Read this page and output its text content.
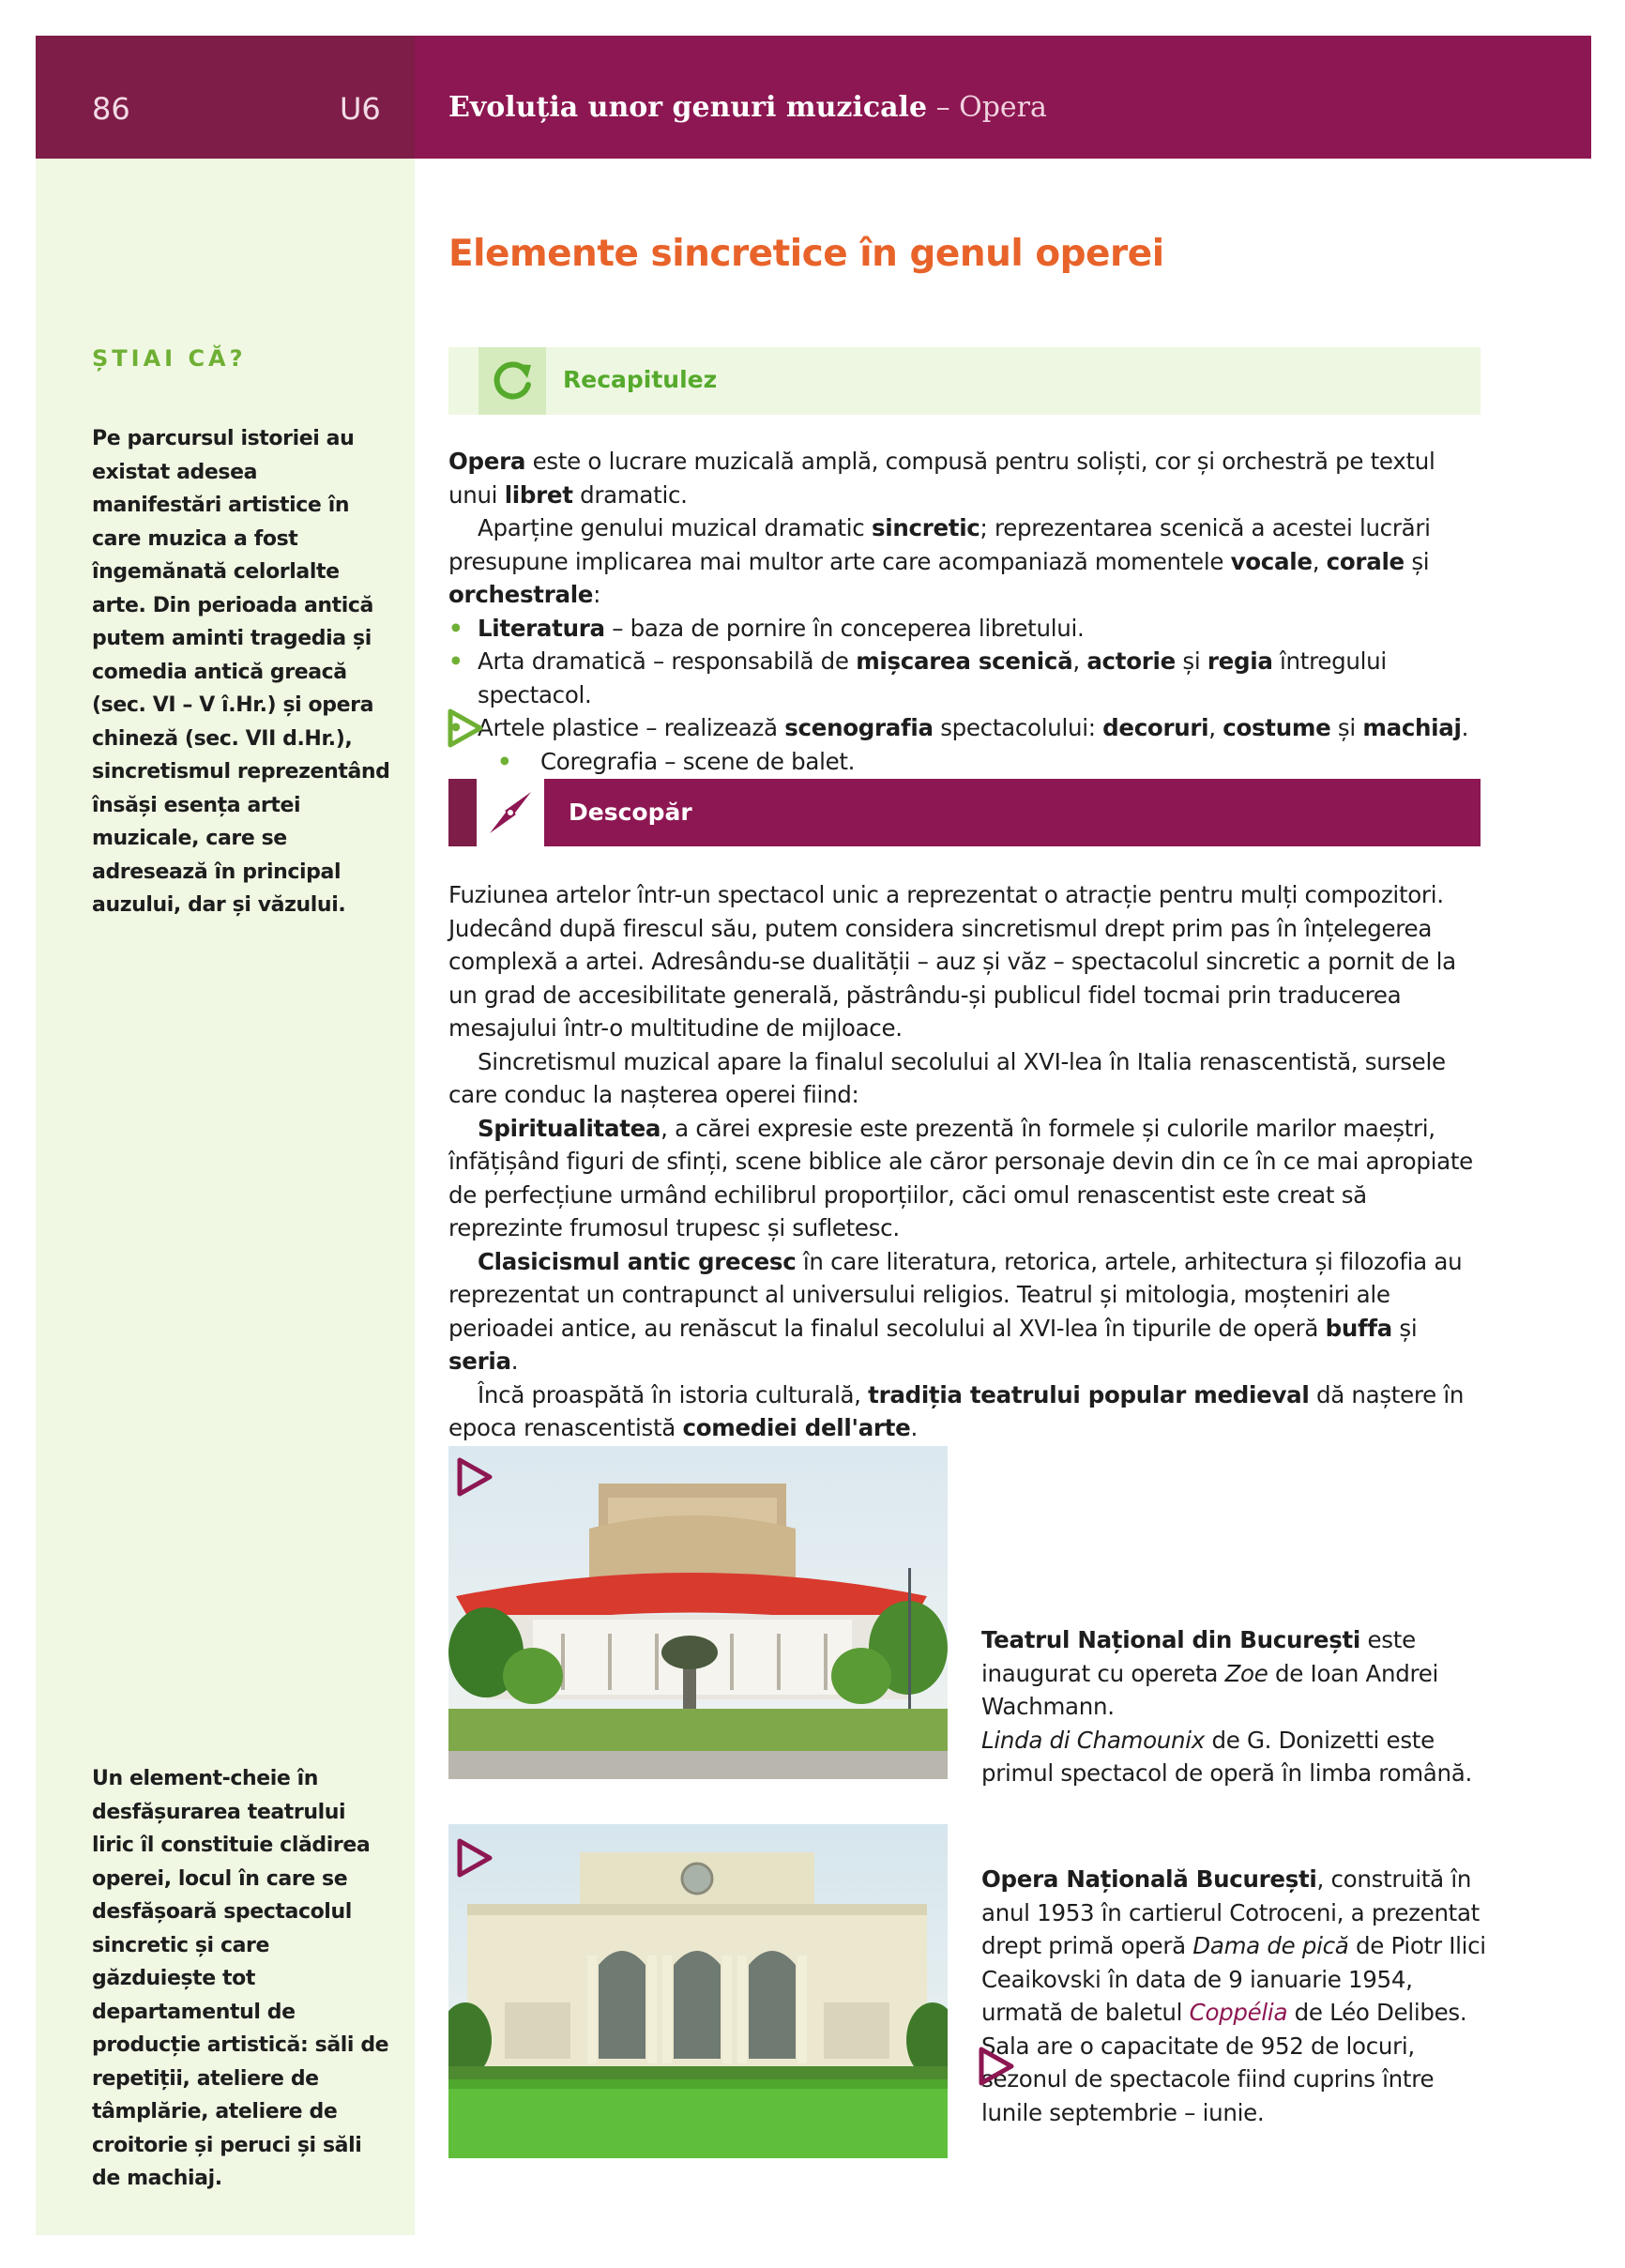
86	U6 Evoluția unor genuri muzicale – Opera
Elemente sincretice în genul operei
ȘTIAI CĂ?

Pe parcursul istoriei au existat adesea manifestări artistice în care muzica a fost îngemănată celorlalte arte. Din perioada antică putem aminti tragedia și comedia antică greacă (sec. VI – V î.Hr.) și opera chineză (sec. VII d.Hr.), sincretismul reprezentând însăși esența artei muzicale, care se adresează în principal auzului, dar și văzului.

Un element-cheie în desfășurarea teatrului liric îl constituie clădirea operei, locul în care se desfășoară spectacolul sincretic și care găzduiește tot departamentul de producție artistică: săli de repetiții, ateliere de tâmplărie, ateliere de croitorie și peruci și săli de machiaj.

Recapitulez

Opera este o lucrare muzicală amplă, compusă pentru soliști, cor și orchestră pe textul unui libret dramatic.

Aparține genului muzical dramatic sincretic; reprezentarea scenică a acestei lucrări presupune implicarea mai multor arte care acompaniază momentele vocale, corale și orchestrale:

• Literatura – baza de pornire în conceperea libretului.

• Arta dramatică – responsabilă de mișcarea scenică, actorie și regia întregului spectacol.

• Artele plastice – realizează scenografia spectacolului: decoruri, costume și machiaj.

• Coregrafia – scene de balet.

Descopăr

Fuziunea artelor într-un spectacol unic a reprezentat o atracție pentru mulți compozitori. Judecând după firescul său, putem considera sincretismul drept prim pas în înțelegerea complexă a artei. Adresându-se dualității – auz și văz – spectacolul sincretic a pornit de la un grad de accesibilitate generală, păstrându-și publicul fidel tocmai prin traducerea mesajului într-o multitudine de mijloace.

Sincretismul muzical apare la finalul secolului al XVI-lea în Italia renascentistă, sursele care conduc la nașterea operei fiind:

Spiritualitatea, a cărei expresie este prezentă în formele și culorile marilor maeștri, înfățișând figuri de sfinți, scene biblice ale căror personaje devin din ce în ce mai apropiate de perfecțiune urmând echilibrul proporțiilor, căci omul renascentist este creat să reprezinte frumosul trupesc și sufletesc.

Clasicismul antic grecesc în care literatura, retorica, artele, arhitectura și filozofia au reprezentat un contrapunct al universului religios. Teatrul și mitologia, moșteniri ale perioadei antice, au renăscut la finalul secolului al XVI-lea în tipurile de operă buffa și seria.

Încă proaspătă în istoria culturală, tradiția teatrului popular medieval dă naștere în epoca renascentistă comediei dell'arte.

Teatrul Național din București este inaugurat cu opereta Zoe de Ioan Andrei Wachmann.
Linda di Chamounix de G. Donizetti este primul spectacol de operă în limba română.

Opera Națională București, construită în anul 1953 în cartierul Cotroceni, a prezentat drept primă operă Dama de pică de Piotr Ilici Ceaikovski în data de 9 ianuarie 1954, urmată de baletul Coppélia de Léo Delibes. Sala are o capacitate de 952 de locuri, sezonul de spectacole fiind cuprins între lunile septembrie – iunie.
